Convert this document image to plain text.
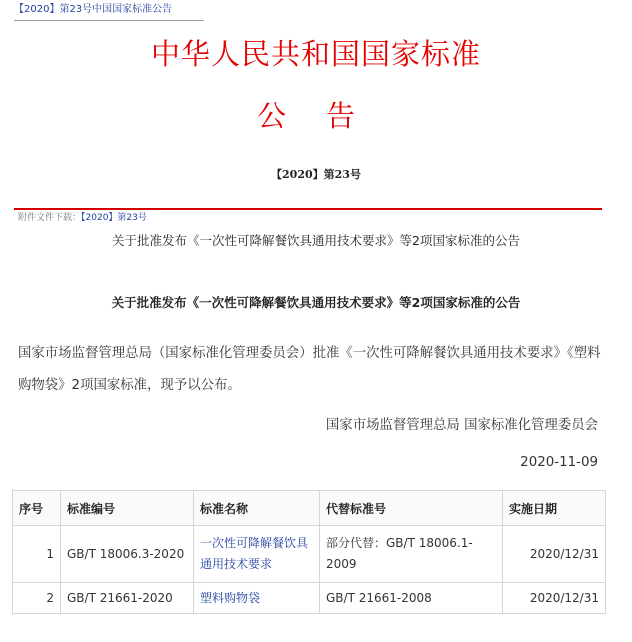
【2020】第23号中国国家标准公告
中华人民共和国国家标准
公告
【2020】第23号
附件文件下载：【2020】第23号
关于批准发布《一次性可降解餐饮具通用技术要求》等2项国家标准的公告
关于批准发布《一次性可降解餐饮具通用技术要求》等2项国家标准的公告
国家市场监督管理总局（国家标准化管理委员会）批准《一次性可降解餐饮具通用技术要求》《塑料购物袋》2项国家标准，现予以公布。
国家市场监督管理总局 国家标准化管理委员会
2020-11-09
序号	标准编号	标准名称	代替标准号	实施日期
1	GB/T 18006.3-2020	一次性可降解餐饮具通用技术要求	部分代替：GB/T 18006.1-2009	2020/12/31
2	GB/T 21661-2020	塑料购物袋	GB/T 21661-2008	2020/12/31
